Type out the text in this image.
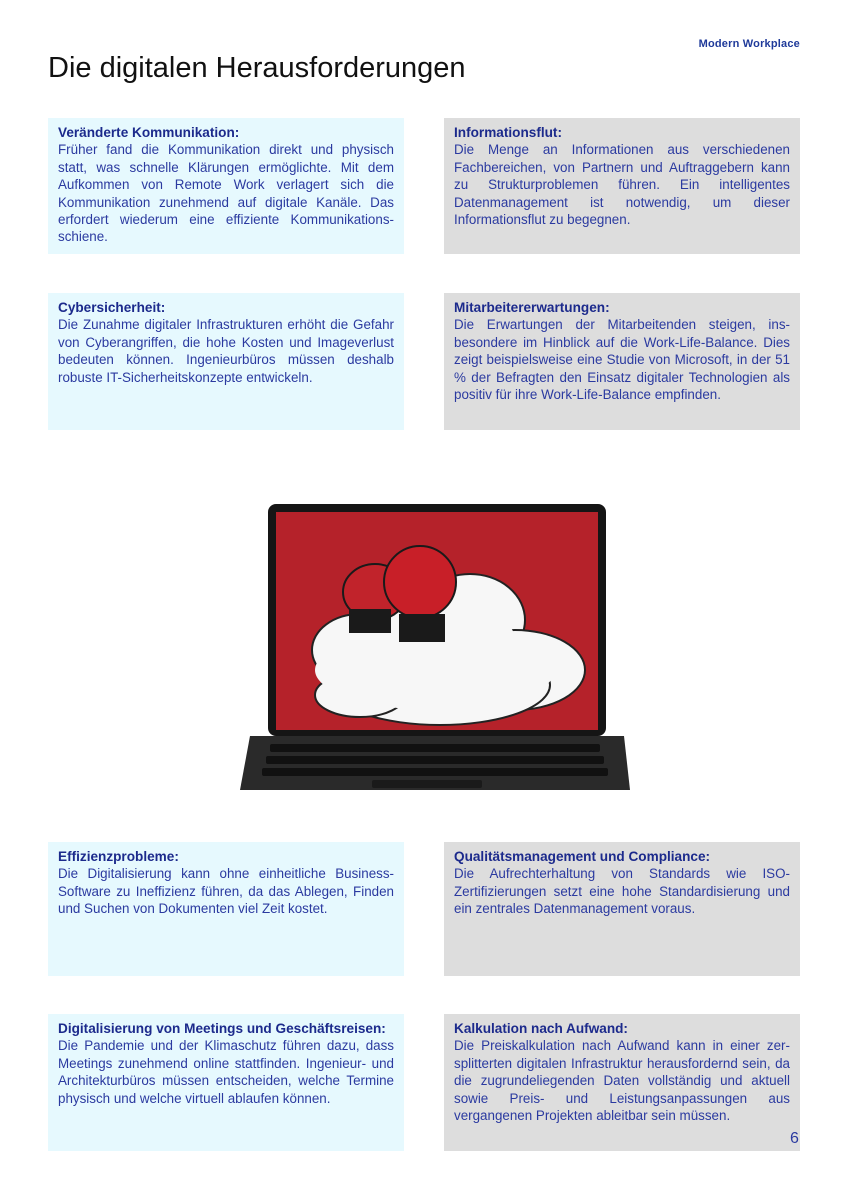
Modern Workplace
Die digitalen Herausforderungen
Veränderte Kommunikation:

Früher fand die Kommunikation direkt und physisch statt, was schnelle Klärungen ermöglichte. Mit dem Aufkommen von Remote Work verlagert sich die Kommunikation zunehmend auf digitale Kanäle. Das erfordert wiederum eine effiziente Kommunikationsschiene.

Informationsflut:

Die Menge an Informationen aus verschiedenen Fachbereichen, von Partnern und Auftraggebern kann zu Strukturproblemen führen. Ein intelligentes Datenmanagement ist notwendig, um dieser Informationsflut zu begegnen.

Cybersicherheit:

Die Zunahme digitaler Infrastrukturen erhöht die Gefahr von Cyberangriffen, die hohe Kosten und Imageverlust bedeuten können. Ingenieurbüros müssen deshalb robuste IT-Sicherheitskonzepte entwickeln.

Mitarbeitererwartungen:

Die Erwartungen der Mitarbeitenden steigen, ins-besondere im Hinblick auf die Work-Life-Balance. Dies zeigt beispielsweise eine Studie von Microsoft, in der 51 % der Befragten den Einsatz digitaler Technologien als positiv für ihre Work-Life-Balance empfinden.

Effizienzprobleme:

Die Digitalisierung kann ohne einheitliche Business-Software zu Ineffizienz führen, da das Ablegen, Finden und Suchen von Dokumenten viel Zeit kostet.

Qualitätsmanagement und Compliance:

Die Aufrechterhaltung von Standards wie ISO-Zertifizierungen setzt eine hohe Standardisierung und ein zentrales Datenmanagement voraus.

Digitalisierung von Meetings und Geschäftsreisen:

Die Pandemie und der Klimaschutz führen dazu, dass Meetings zunehmend online stattfinden. Ingenieur- und Architekturbüros müssen entscheiden, welche Termine physisch und welche virtuell ablaufen können.

Kalkulation nach Aufwand:

Die Preiskalkulation nach Aufwand kann in einer zersplitterten digitalen Infrastruktur herausfordernd sein, da die zugrundeliegenden Daten vollständig und aktuell sowie Preis- und Leistungsanpassungen aus vergangenen Projekten ableitbar sein müssen.

6
